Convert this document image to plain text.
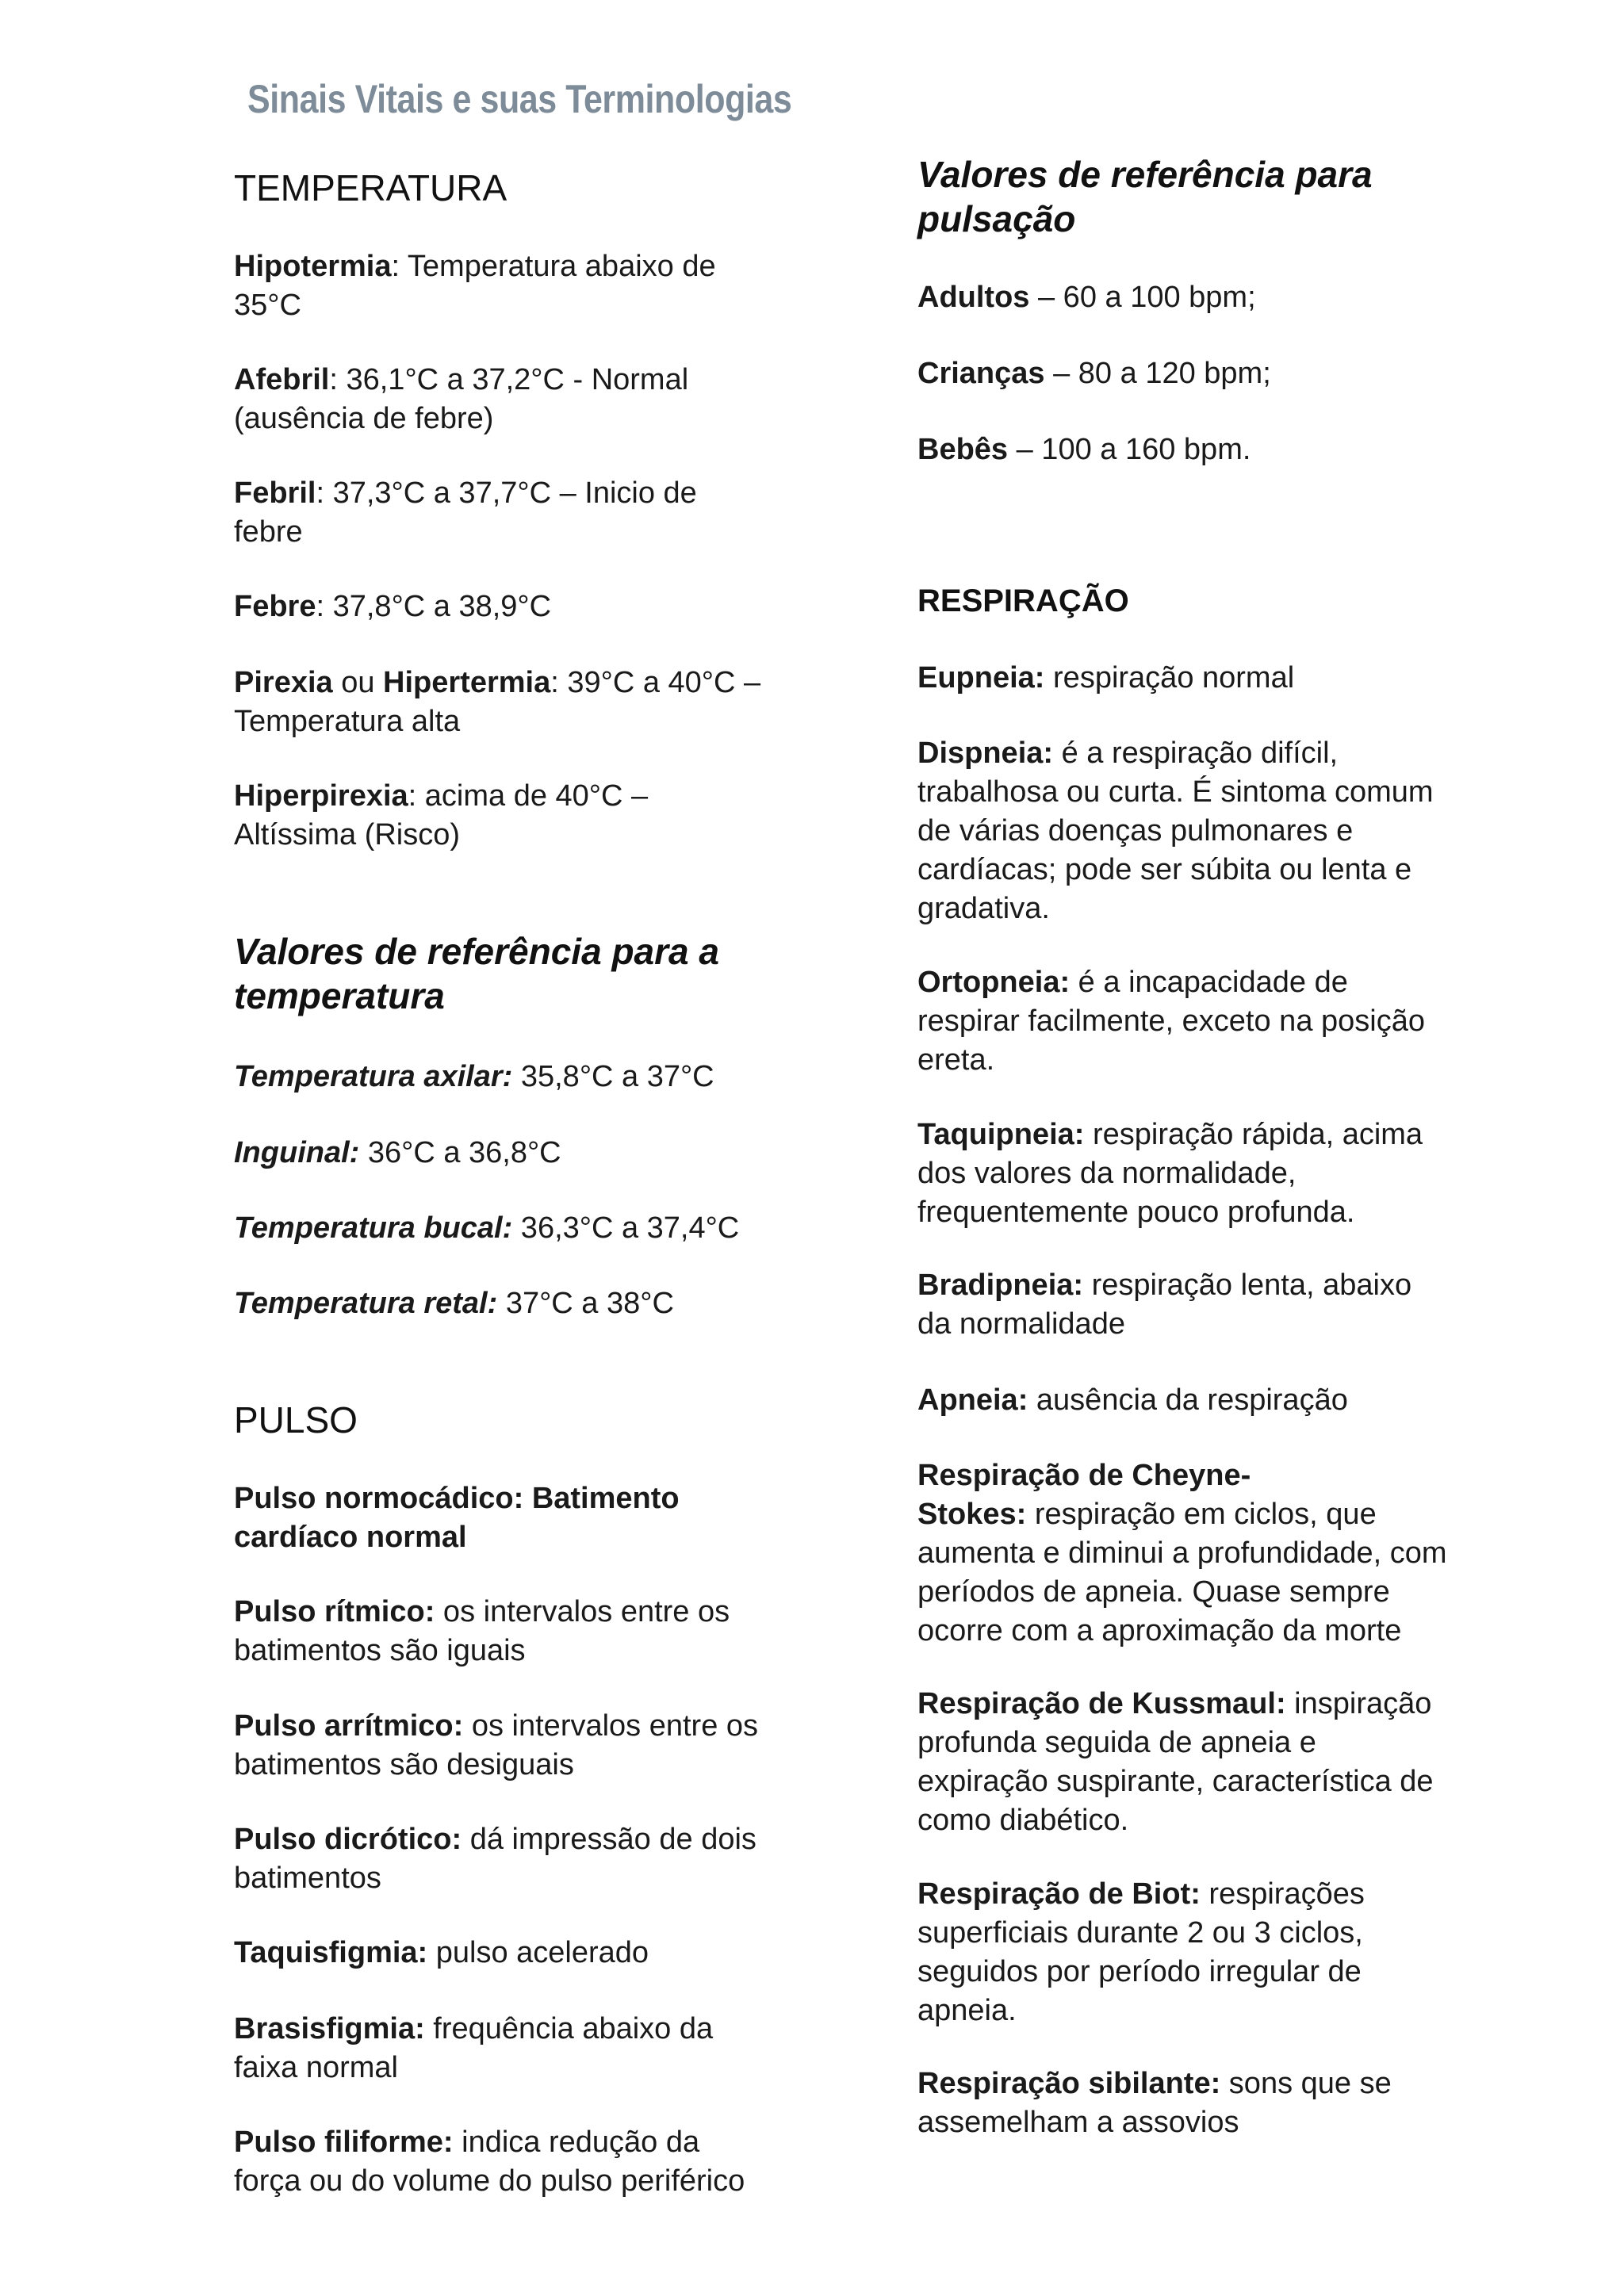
Sinais Vitais e suas Terminologias
TEMPERATURA

Hipotermia: Temperatura abaixo de
35°C

Afebril: 36,1°C a 37,2°C - Normal
(ausência de febre)

Febril: 37,3°C a 37,7°C – Inicio de
febre

Febre: 37,8°C a 38,9°C

Pirexia ou Hipertermia: 39°C a 40°C –
Temperatura alta

Hiperpirexia: acima de 40°C –
Altíssima (Risco)

Valores de referência para a
temperatura

Temperatura axilar: 35,8°C a 37°C

Inguinal: 36°C a 36,8°C

Temperatura bucal: 36,3°C a 37,4°C

Temperatura retal: 37°C a 38°C

PULSO

Pulso normocádico: Batimento
cardíaco normal

Pulso rítmico: os intervalos entre os
batimentos são iguais

Pulso arrítmico: os intervalos entre os
batimentos são desiguais

Pulso dicrótico: dá impressão de dois
batimentos

Taquisfigmia: pulso acelerado

Brasisfigmia: frequência abaixo da
faixa normal

Pulso filiforme: indica redução da
força ou do volume do pulso periférico

Valores de referência para
pulsação

Adultos – 60 a 100 bpm;

Crianças – 80 a 120 bpm;

Bebês – 100 a 160 bpm.

RESPIRAÇÃO

Eupneia: respiração normal

Dispneia: é a respiração difícil,
trabalhosa ou curta. É sintoma comum
de várias doenças pulmonares e
cardíacas; pode ser súbita ou lenta e
gradativa.

Ortopneia: é a incapacidade de
respirar facilmente, exceto na posição
ereta.

Taquipneia: respiração rápida, acima
dos valores da normalidade,
frequentemente pouco profunda.

Bradipneia: respiração lenta, abaixo
da normalidade

Apneia: ausência da respiração

Respiração de Cheyne-
Stokes: respiração em ciclos, que
aumenta e diminui a profundidade, com
períodos de apneia. Quase sempre
ocorre com a aproximação da morte

Respiração de Kussmaul: inspiração
profunda seguida de apneia e
expiração suspirante, característica de
como diabético.

Respiração de Biot: respirações
superficiais durante 2 ou 3 ciclos,
seguidos por período irregular de
apneia.

Respiração sibilante: sons que se
assemelham a assovios
